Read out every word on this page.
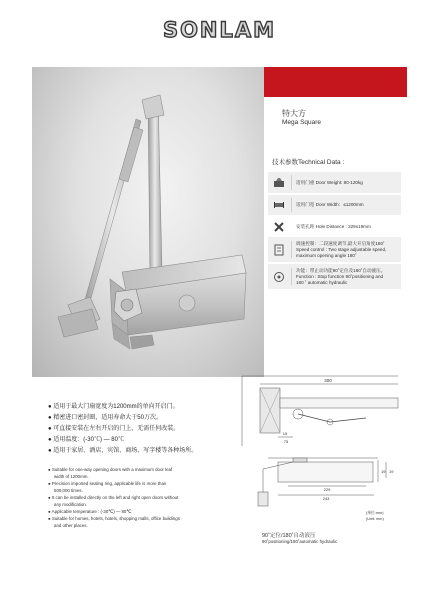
SONLAM
特大方
Mega Square
技术参数Technical Data :
适用门重 Door Weight: 80-120kg
适用门宽 Door Width：≤1200mm
安装孔距 Hole Distance : 229x19mm
调速控制：二段速度调节,最大开启角度180˚
Speed control : Two stage adjustable speed,
maximum opening angle 180˚
功能：带止动功能90˚定位及180˚自动液压。
Function : Stop function 90˚positioning and
180 ˚ automatic hydraulic
● 适用于最大门扇宽度为1200mm的单向开启门。
● 精密进口密封圈，适用寿命大于50万次。
● 可直接安装在左右开启的门上，无需任何改装。
● 适用温度：(-30℃) — 80℃
● 适用于家居、酒店、宾馆、商场、写字楼等各种场所。
● Suitable for one-way opening doors with a maximum door leaf
width of 1200mm.
● Precision imported sealing ring, applicable life is more than
500,000 times.
● It can be installed directly on the left and right open doors without
any modification.
● Applicable temperature : (-30℃) — 80℃
● Suitable for homes, hotels, hotels, shopping malls, office buildings
and other places.
300
15
75
19 19
229
243
(单位:mm)
(Unit: mm)
90˚定位/180˚自动液压
90˚positioning/180˚automatic hydraulic
